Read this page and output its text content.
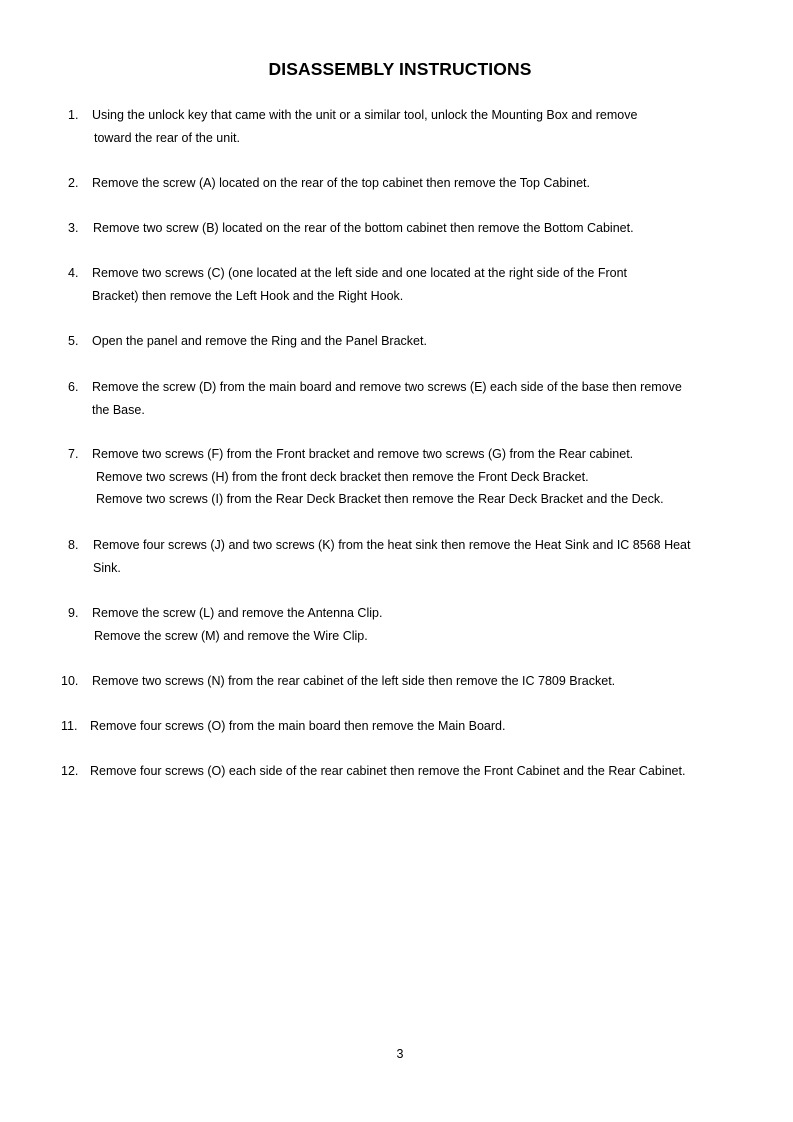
DISASSEMBLY INSTRUCTIONS
1. Using the unlock key that came with the unit or a similar tool, unlock the Mounting Box and remove
toward the rear of the unit.
2. Remove the screw (A) located on the rear of the top cabinet then remove the Top Cabinet.
3. Remove two screw (B) located on the rear of the bottom cabinet then remove the Bottom Cabinet.
4. Remove two screws (C) (one located at the left side and one located at the right side of the Front
Bracket) then remove the Left Hook and the Right Hook.
5. Open the panel and remove the Ring and the Panel Bracket.
6. Remove the screw (D) from the main board and remove two screws (E) each side of the base then remove
the Base.
7. Remove two screws (F) from the Front bracket and remove two screws (G) from the Rear cabinet.
Remove two screws (H) from the front deck bracket then remove the Front Deck Bracket.
Remove two screws (I) from the Rear Deck Bracket then remove the Rear Deck Bracket and the Deck.
8. Remove four screws (J) and two screws (K) from the heat sink then remove the Heat Sink and IC 8568 Heat
Sink.
9. Remove the screw (L) and remove the Antenna Clip.
Remove the screw (M) and remove the Wire Clip.
10. Remove two screws (N) from the rear cabinet of the left side then remove the IC 7809 Bracket.
11. Remove four screws (O) from the main board then remove the Main Board.
12. Remove four screws (O) each side of the rear cabinet then remove the Front Cabinet and the Rear Cabinet.
3
